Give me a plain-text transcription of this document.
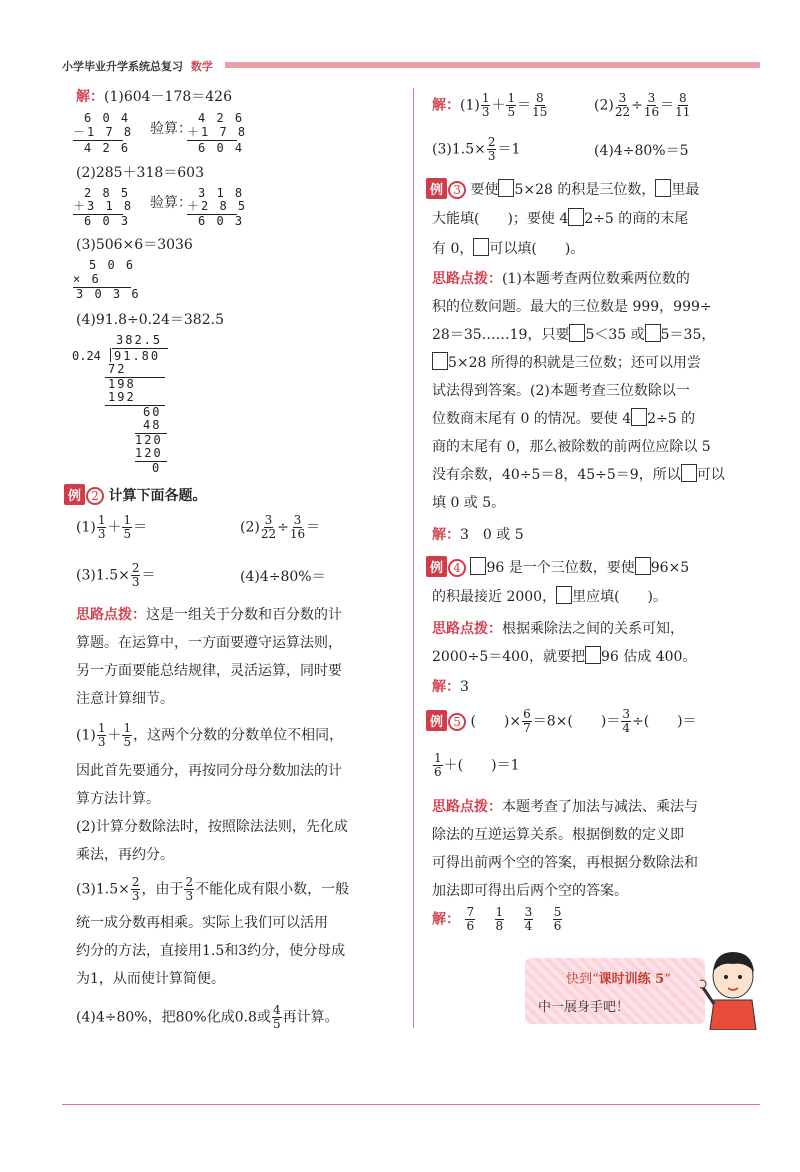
小学毕业升学系统总复习 数学
解：(1)604－178＝426
6 0 4
－1 7 8
4 2 6
验算：
4 2 6
＋1 7 8
6 0 4
(2)285＋318＝603
2 8 5
＋3 1 8
6 0 3
验算：
3 1 8
＋2 8 5
6 0 3
(3)506×6＝3036
5 0 6
× 6
3 0 3 6
(4)91.8÷0.24＝382.5
382.5
0.24 91.80
72
198
192
60
48
120
120
0
例 2 计算下面各题。
$(1) \frac{1}{3} + \frac{1}{5}$ ＝	$(2) \frac{3}{22} \div \frac{3}{16}$ ＝
$(3)1.5\times \frac{2}{3}$ ＝	(4)4÷80%＝
思路点拨：这是一组关于分数和百分数的计
算题。在运算中，一方面要遵守运算法则，
另一方面要能总结规律，灵活运算，同时要
注意计算细节。
$(1) \frac{1}{3} + \frac{1}{5}$ ，这两个分数的分数单位不相同，
因此首先要通分，再按同分母分数加法的计
算方法计算。
(2)计算分数除法时，按照除法法则，先化成
乘法，再约分。
$(3)1.5\times \frac{2}{3}$ ，由于 $\frac{2}{3}$ 不能化成有限小数，一般
统一成分数再相乘。实际上我们可以活用
约分的方法，直接用1.5和3约分，使分母成
为1，从而使计算简便。
(4)4÷80%，把80%化成0.8或 $\frac{4}{5}$ 再计算。
解：$(1) \frac{1}{3} + \frac{1}{5} = \frac{8}{15}$	$(2) \frac{3}{22} \div \frac{3}{16} = \frac{8}{11}$
$(3)1.5\times \frac{2}{3} =1$	(4)4÷80%＝5
例 3 要使 5×28 的积是三位数， 里最
大能填(　　)；要使 4 2÷5 的商的末尾
有 0， 可以填(　　)。
思路点拨：(1)本题考查两位数乘两位数的
积的位数问题。最大的三位数是 999，999÷
28＝35……19，只要 5＜35 或 5＝35，
5×28 所得的积就是三位数；还可以用尝
试法得到答案。(2)本题考查三位数除以一
位数商末尾有 0 的情况。要使 4 2÷5 的
商的末尾有 0，那么被除数的前两位应除以 5
没有余数，40÷5＝8，45÷5＝9，所以 可以
填 0 或 5。
解：3　0 或 5
例 4 96 是一个三位数，要使 96×5
的积最接近 2000， 里应填(　　)。
思路点拨：根据乘除法之间的关系可知，
2000÷5＝400，就要把 96 估成 400。
解：3
例 5 (　　)× $\frac{6}{7} =8\times$(　　)＝ $\frac{3}{4}$ ÷(　　)＝
$\frac{1}{6}$ ＋(　　)＝1
思路点拨：本题考查了加法与减法、乘法与
除法的互逆运算关系。根据倒数的定义即
可得出前两个空的答案，再根据分数除法和
加法即可得出后两个空的答案。
解： $\frac{7}{6}$
$\frac{1}{8}$
$\frac{3}{4}$
$\frac{5}{6}$
快到“课时训练 5”
中一展身手吧！
